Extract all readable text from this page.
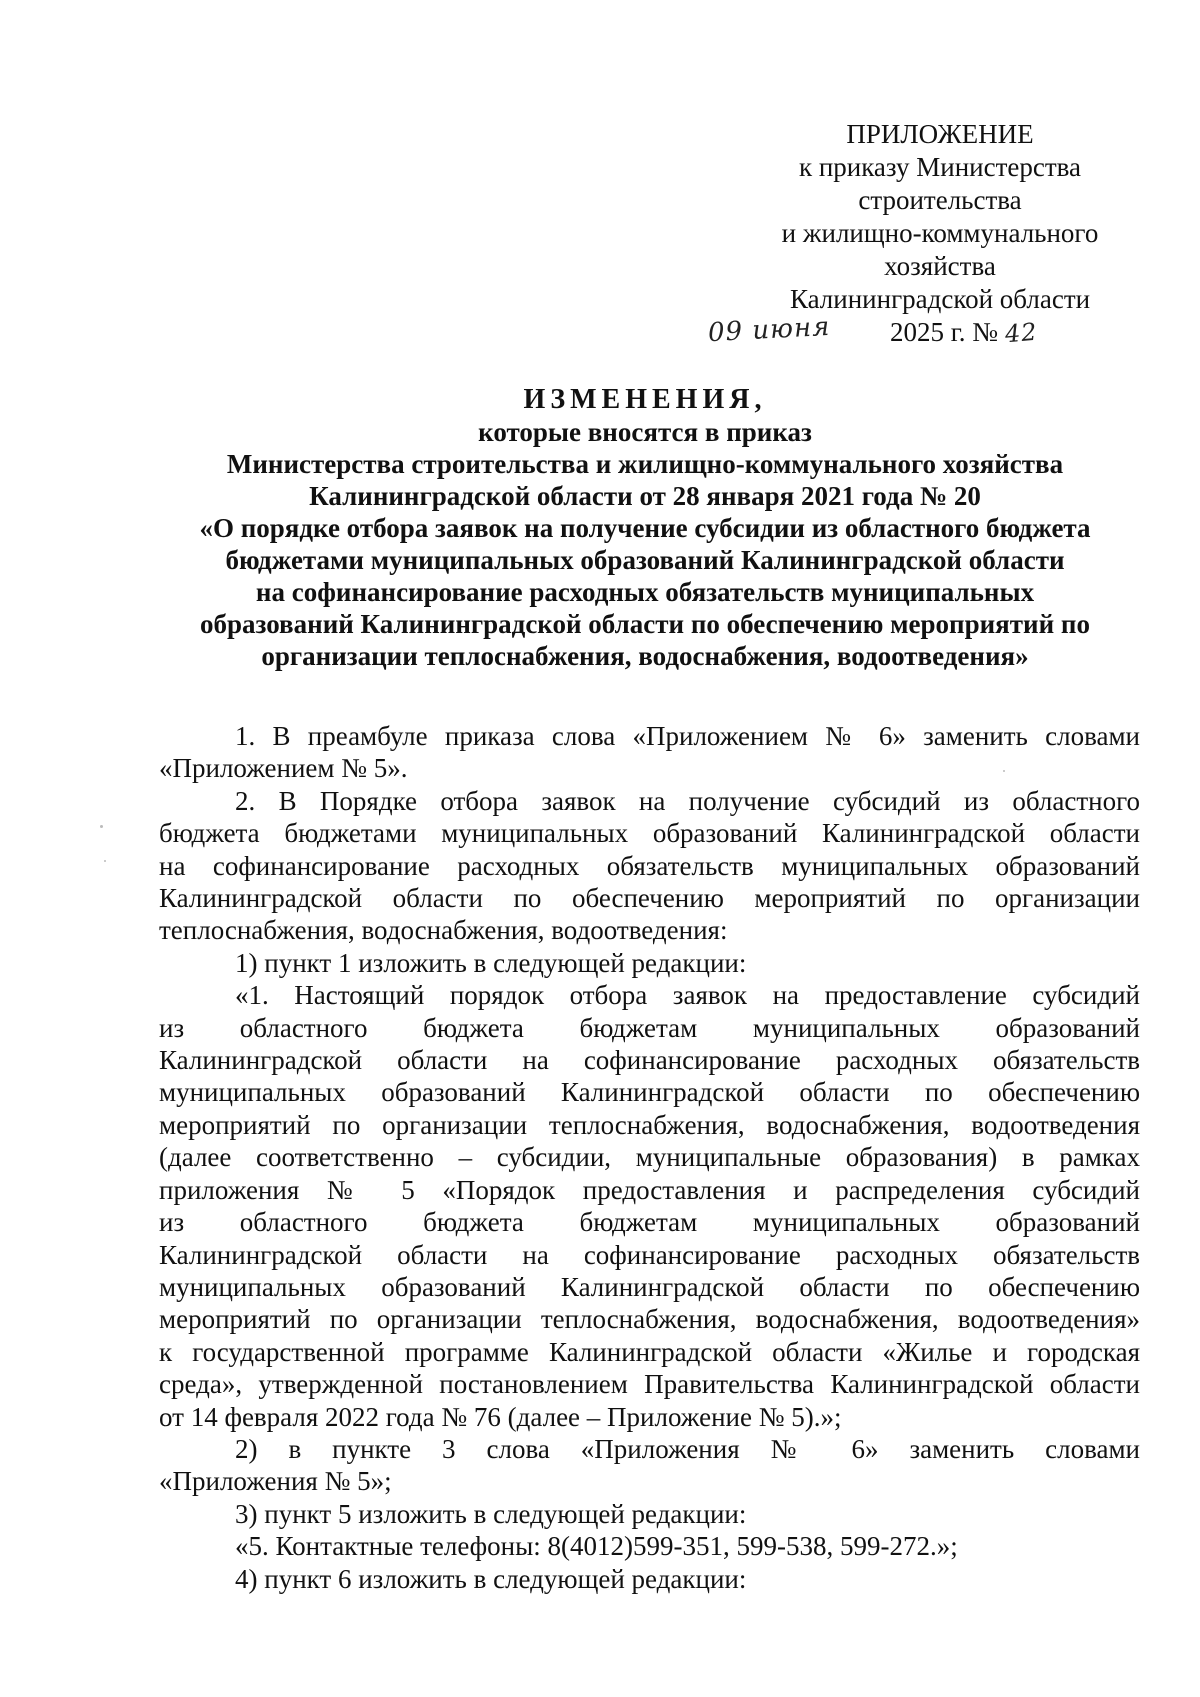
ПРИЛОЖЕНИЕ
к приказу Министерства
строительства
и жилищно-коммунального
хозяйства
Калининградской области
09 июня 2025 г. № 42
ИЗМЕНЕНИЯ,
которые вносятся в приказ
Министерства строительства и жилищно-коммунального хозяйства
Калининградской области от 28 января 2021 года № 20
«О порядке отбора заявок на получение субсидии из областного бюджета
бюджетами муниципальных образований Калининградской области
на софинансирование расходных обязательств муниципальных
образований Калининградской области по обеспечению мероприятий по
организации теплоснабжения, водоснабжения, водоотведения»
1. В преамбуле приказа слова «Приложением № 6» заменить словами
«Приложением № 5».
2. В Порядке отбора заявок на получение субсидий из областного
бюджета бюджетами муниципальных образований Калининградской области
на софинансирование расходных обязательств муниципальных образований
Калининградской области по обеспечению мероприятий по организации
теплоснабжения, водоснабжения, водоотведения:
1) пункт 1 изложить в следующей редакции:
«1. Настоящий порядок отбора заявок на предоставление субсидий
из областного бюджета бюджетам муниципальных образований
Калининградской области на софинансирование расходных обязательств
муниципальных образований Калининградской области по обеспечению
мероприятий по организации теплоснабжения, водоснабжения, водоотведения
(далее соответственно – субсидии, муниципальные образования) в рамках
приложения № 5 «Порядок предоставления и распределения субсидий
из областного бюджета бюджетам муниципальных образований
Калининградской области на софинансирование расходных обязательств
муниципальных образований Калининградской области по обеспечению
мероприятий по организации теплоснабжения, водоснабжения, водоотведения»
к государственной программе Калининградской области «Жилье и городская
среда», утвержденной постановлением Правительства Калининградской области
от 14 февраля 2022 года № 76 (далее – Приложение № 5).»;
2) в пункте 3 слова «Приложения № 6» заменить словами
«Приложения № 5»;
3) пункт 5 изложить в следующей редакции:
«5. Контактные телефоны: 8(4012)599-351, 599-538, 599-272.»;
4) пункт 6 изложить в следующей редакции:
